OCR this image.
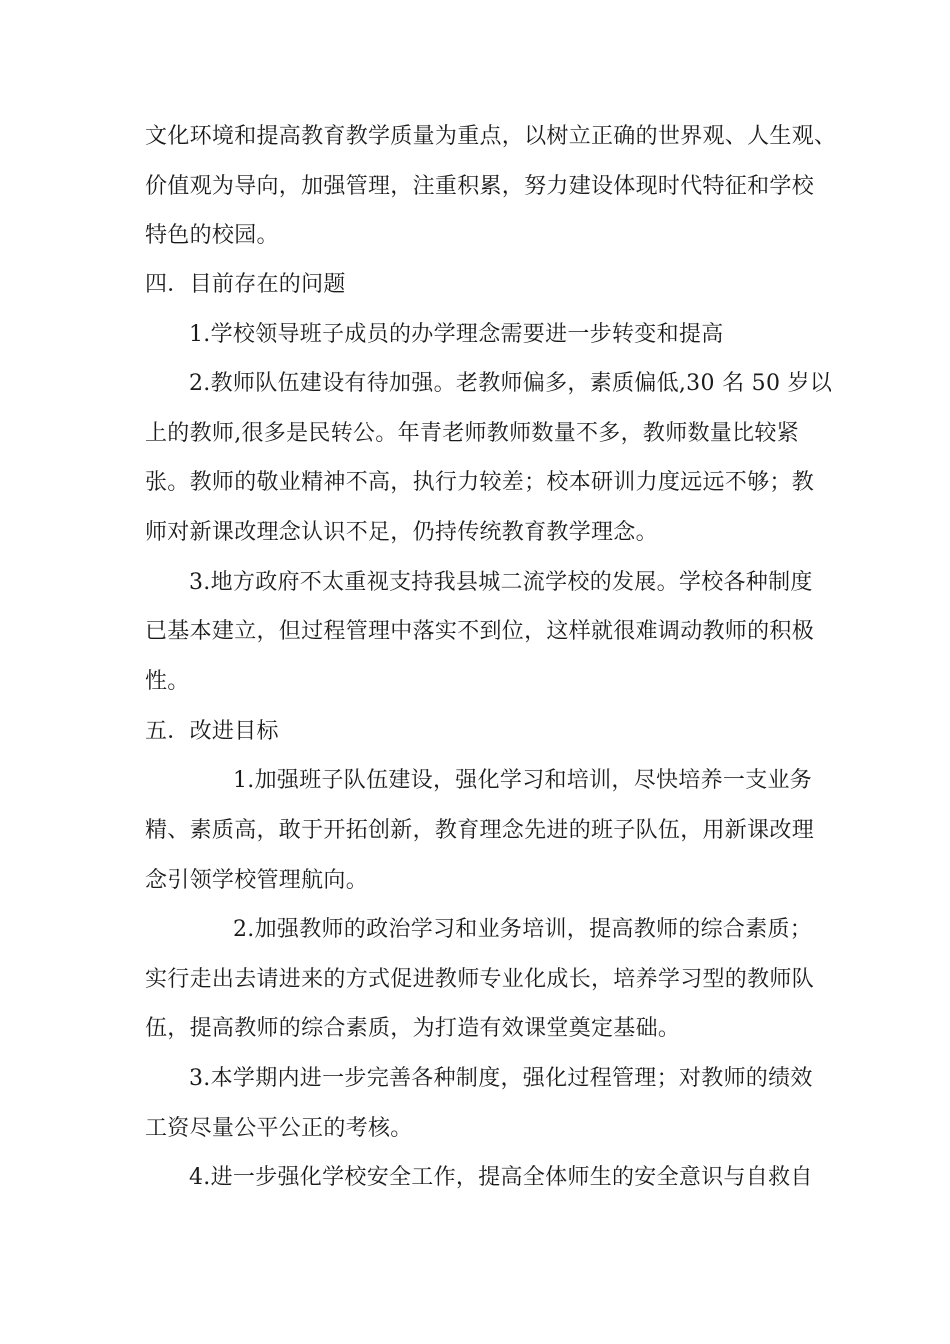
文化环境和提高教育教学质量为重点，以树立正确的世界观、人生观、
价值观为导向，加强管理，注重积累，努力建设体现时代特征和学校
特色的校园。
四．目前存在的问题
1.学校领导班子成员的办学理念需要进一步转变和提高
2.教师队伍建设有待加强。老教师偏多，素质偏低,30 名 50 岁以
上的教师,很多是民转公。年青老师教师数量不多，教师数量比较紧
张。教师的敬业精神不高，执行力较差；校本研训力度远远不够；教
师对新课改理念认识不足，仍持传统教育教学理念。
3.地方政府不太重视支持我县城二流学校的发展。学校各种制度
已基本建立，但过程管理中落实不到位，这样就很难调动教师的积极
性。
五．改进目标
1.加强班子队伍建设，强化学习和培训，尽快培养一支业务
精、素质高，敢于开拓创新，教育理念先进的班子队伍，用新课改理
念引领学校管理航向。
2.加强教师的政治学习和业务培训，提高教师的综合素质；
实行走出去请进来的方式促进教师专业化成长，培养学习型的教师队
伍，提高教师的综合素质，为打造有效课堂奠定基础。
3.本学期内进一步完善各种制度，强化过程管理；对教师的绩效
工资尽量公平公正的考核。
4.进一步强化学校安全工作，提高全体师生的安全意识与自救自
